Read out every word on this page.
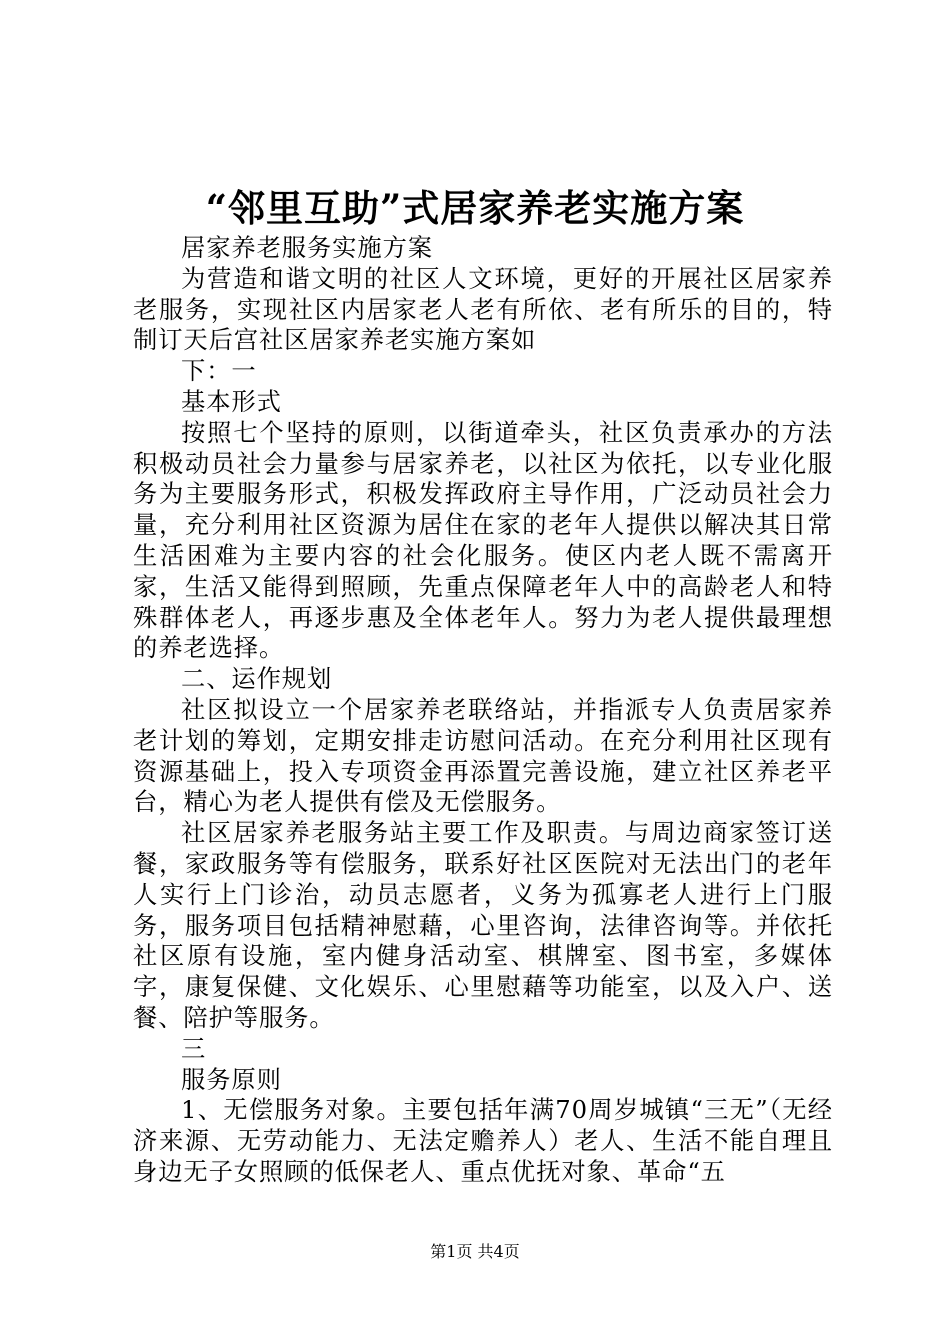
“邻里互助”式居家养老实施方案

居家养老服务实施方案

为营造和谐文明的社区人文环境，更好的开展社区居家养老服务，实现社区内居家老人老有所依、老有所乐的目的，特制订天后宫社区居家养老实施方案如

下：一

基本形式

按照七个坚持的原则，以街道牵头，社区负责承办的方法积极动员社会力量参与居家养老，以社区为依托，以专业化服务为主要服务形式，积极发挥政府主导作用，广泛动员社会力量，充分利用社区资源为居住在家的老年人提供以解决其日常生活困难为主要内容的社会化服务。使区内老人既不需离开家，生活又能得到照顾，先重点保障老年人中的高龄老人和特殊群体老人，再逐步惠及全体老年人。努力为老人提供最理想的养老选择。

二、运作规划

社区拟设立一个居家养老联络站，并指派专人负责居家养老计划的筹划，定期安排走访慰问活动。在充分利用社区现有资源基础上，投入专项资金再添置完善设施，建立社区养老平台，精心为老人提供有偿及无偿服务。

社区居家养老服务站主要工作及职责。与周边商家签订送餐，家政服务等有偿服务，联系好社区医院对无法出门的老年人实行上门诊治，动员志愿者，义务为孤寡老人进行上门服务，服务项目包括精神慰藉，心里咨询，法律咨询等。并依托社区原有设施，室内健身活动室、棋牌室、图书室，多媒体字，康复保健、文化娱乐、心里慰藉等功能室，以及入户、送餐、陪护等服务。

三

服务原则

1、无偿服务对象。主要包括年满70周岁城镇“三无”（无经济来源、无劳动能力、无法定赡养人）老人、生活不能自理且身边无子女照顾的低保老人、重点优抚对象、革命“五

第1页 共4页
